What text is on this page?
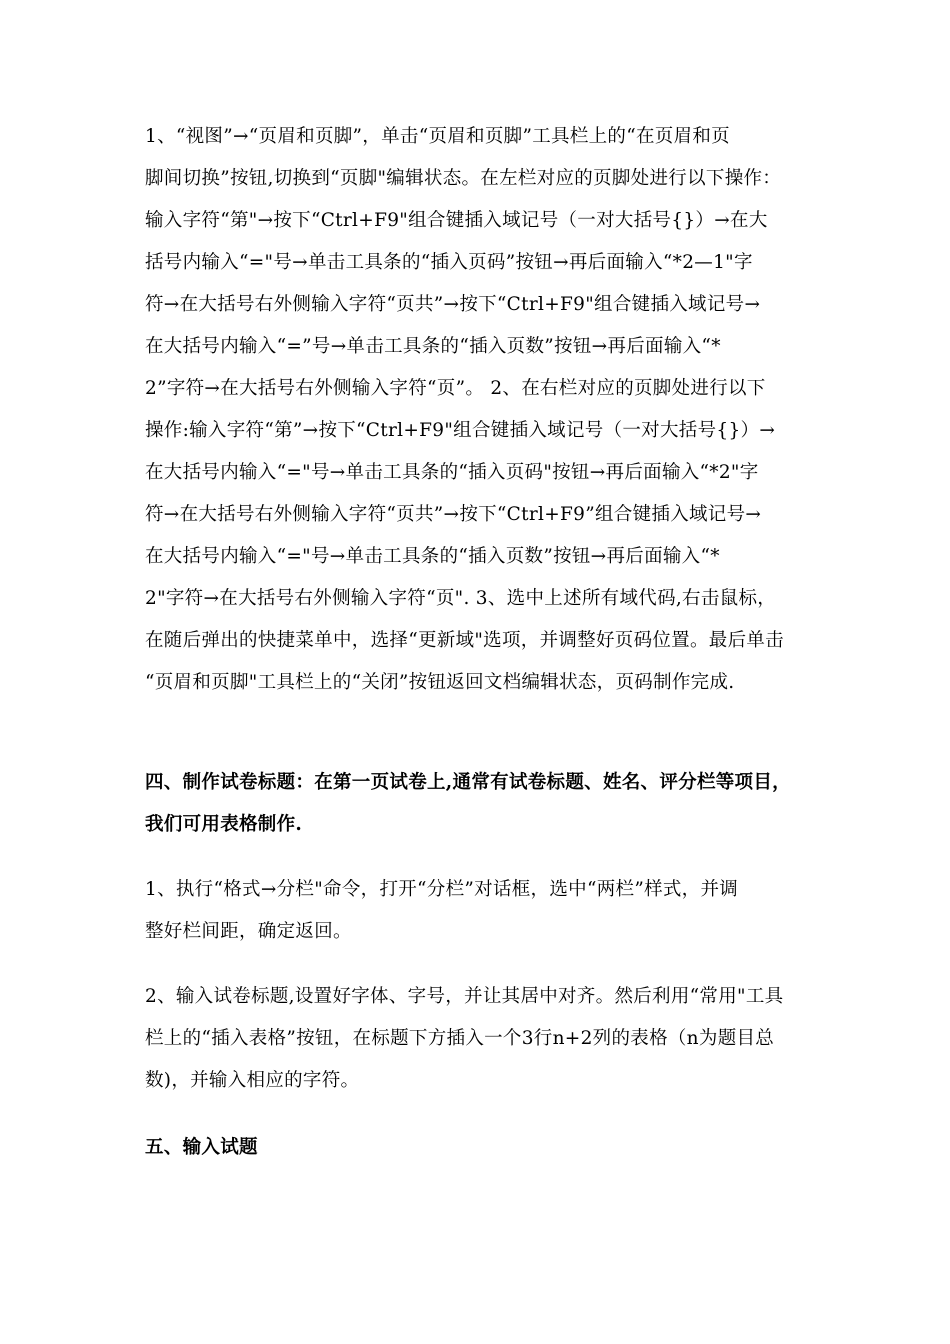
1、“视图”→“页眉和页脚”，单击“页眉和页脚”工具栏上的“在页眉和页
脚间切换”按钮,切换到“页脚"编辑状态。在左栏对应的页脚处进行以下操作：
输入字符“第"→按下“Ctrl+F9"组合键插入域记号（一对大括号{}）→在大
括号内输入“="号→单击工具条的“插入页码”按钮→再后面输入“*2—1"字
符→在大括号右外侧输入字符“页共”→按下“Ctrl+F9"组合键插入域记号→
在大括号内输入“=”号→单击工具条的“插入页数”按钮→再后面输入“*
2”字符→在大括号右外侧输入字符“页”。 2、在右栏对应的页脚处进行以下
操作:输入字符“第”→按下“Ctrl+F9"组合键插入域记号（一对大括号{}）→
在大括号内输入“="号→单击工具条的“插入页码"按钮→再后面输入“*2"字
符→在大括号右外侧输入字符“页共”→按下“Ctrl+F9”组合键插入域记号→
在大括号内输入“="号→单击工具条的“插入页数”按钮→再后面输入“*
2"字符→在大括号右外侧输入字符“页". 3、选中上述所有域代码,右击鼠标，
在随后弹出的快捷菜单中，选择“更新域"选项，并调整好页码位置。最后单击
“页眉和页脚"工具栏上的“关闭”按钮返回文档编辑状态，页码制作完成.
四、制作试卷标题：在第一页试卷上,通常有试卷标题、姓名、评分栏等项目，
我们可用表格制作.
1、执行“格式→分栏"命令，打开“分栏”对话框，选中“两栏”样式，并调
整好栏间距，确定返回。
2、输入试卷标题,设置好字体、字号，并让其居中对齐。然后利用“常用"工具
栏上的“插入表格”按钮，在标题下方插入一个3行n+2列的表格（n为题目总
数)，并输入相应的字符。
五、输入试题
